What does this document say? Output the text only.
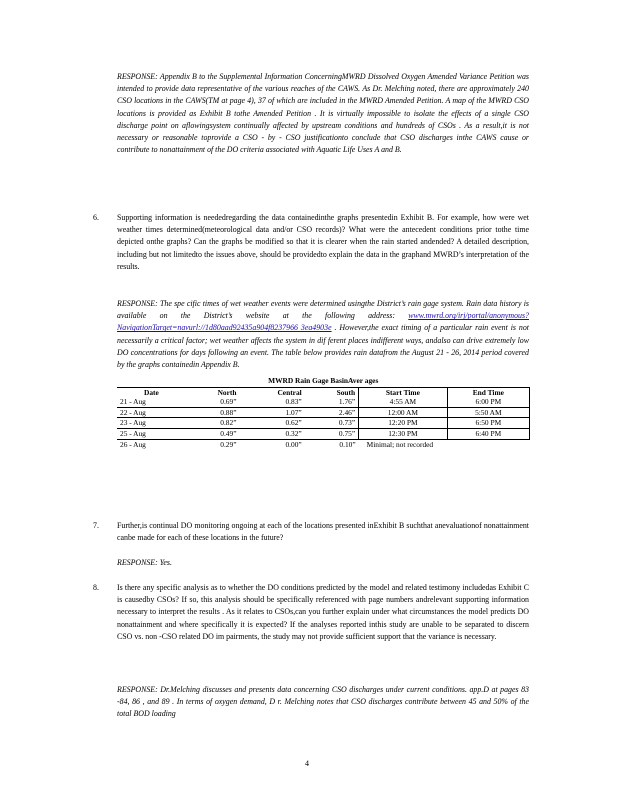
RESPONSE: Appendix B to the Supplemental Information ConcerningMWRD Dissolved Oxygen Amended Variance Petition was intended to provide data representative of the various reaches of the CAWS. As Dr. Melching noted, there are approximately 240 CSO locations in the CAWS(TM at page 4), 37 of which are included in the MWRD Amended Petition. A map of the MWRD CSO locations is provided as Exhibit B tothe Amended Petition . It is virtually impossible to isolate the effects of a single CSO discharge point on aflowingsystem continually affected by upstream conditions and hundreds of CSOs . As a result,it is not necessary or reasonable toprovide a CSO - by - CSO justificationto conclude that CSO discharges inthe CAWS cause or contribute to nonattainment of the DO criteria associated with Aquatic Life Uses A and B.
6. Supporting information is neededregarding the data containedinthe graphs presentedin Exhibit B. For example, how were wet weather times determined(meteorological data and/or CSO records)? What were the antecedent conditions prior tothe time depicted onthe graphs? Can the graphs be modified so that it is clearer when the rain started andended? A detailed description, including but not limitedto the issues above, should be providedto explain the data in the graphand MWRD’s interpretation of the results.
RESPONSE: The spe cific times of wet weather events were determined usingthe District’s rain gage system. Rain data history is available on the District’s website at the following address: www.mwrd.org/irj/portal/anonymous?NavigationTarget=navurl://1d80aad92435a904f8237966 3ea4903e . However,the exact timing of a particular rain event is not necessarily a critical factor; wet weather affects the system in dif ferent places indifferent ways, andalso can drive extremely low DO concentrations for days following an event. The table below provides rain datafrom the August 21 - 26, 2014 period covered by the graphs containedin Appendix B.
MWRD Rain Gage BasinAver ages					
Date	North	Central	South	Start Time	End Time
21 - Aug	0.69”	0.83”	1.76”	4:55 AM	6:00 PM
22 - Aug	0.88”	1.07”	2.46”	12:00 AM	5:50 AM
23 - Aug	0.82”	0.62”	0.73”	12:20 PM	6:50 PM
25 - Aug	0.49”	0.32”	0.75”	12:30 PM	6:40 PM
26 - Aug	0.29”	0.00”	0.10”	Minimal; not recorded	
7. Further,is continual DO monitoring ongoing at each of the locations presented inExhibit B suchthat anevaluationof nonattainment canbe made for each of these locations in the future?
RESPONSE: Yes.
8. Is there any specific analysis as to whether the DO conditions predicted by the model and related testimony includedas Exhibit C is causedby CSOs? If so, this analysis should be specifically referenced with page numbers andrelevant supporting information necessary to interpret the results . As it relates to CSOs,can you further explain under what circumstances the model predicts DO nonattainment and where specifically it is expected? If the analyses reported inthis study are unable to be separated to discern CSO vs. non -CSO related DO im pairments, the study may not provide sufficient support that the variance is necessary.
RESPONSE: Dr.Melching discusses and presents data concerning CSO discharges under current conditions. app.D at pages 83 -84, 86 , and 89 . In terms of oxygen demand, D r. Melching notes that CSO discharges contribute between 45 and 50% of the total BOD loading
4
